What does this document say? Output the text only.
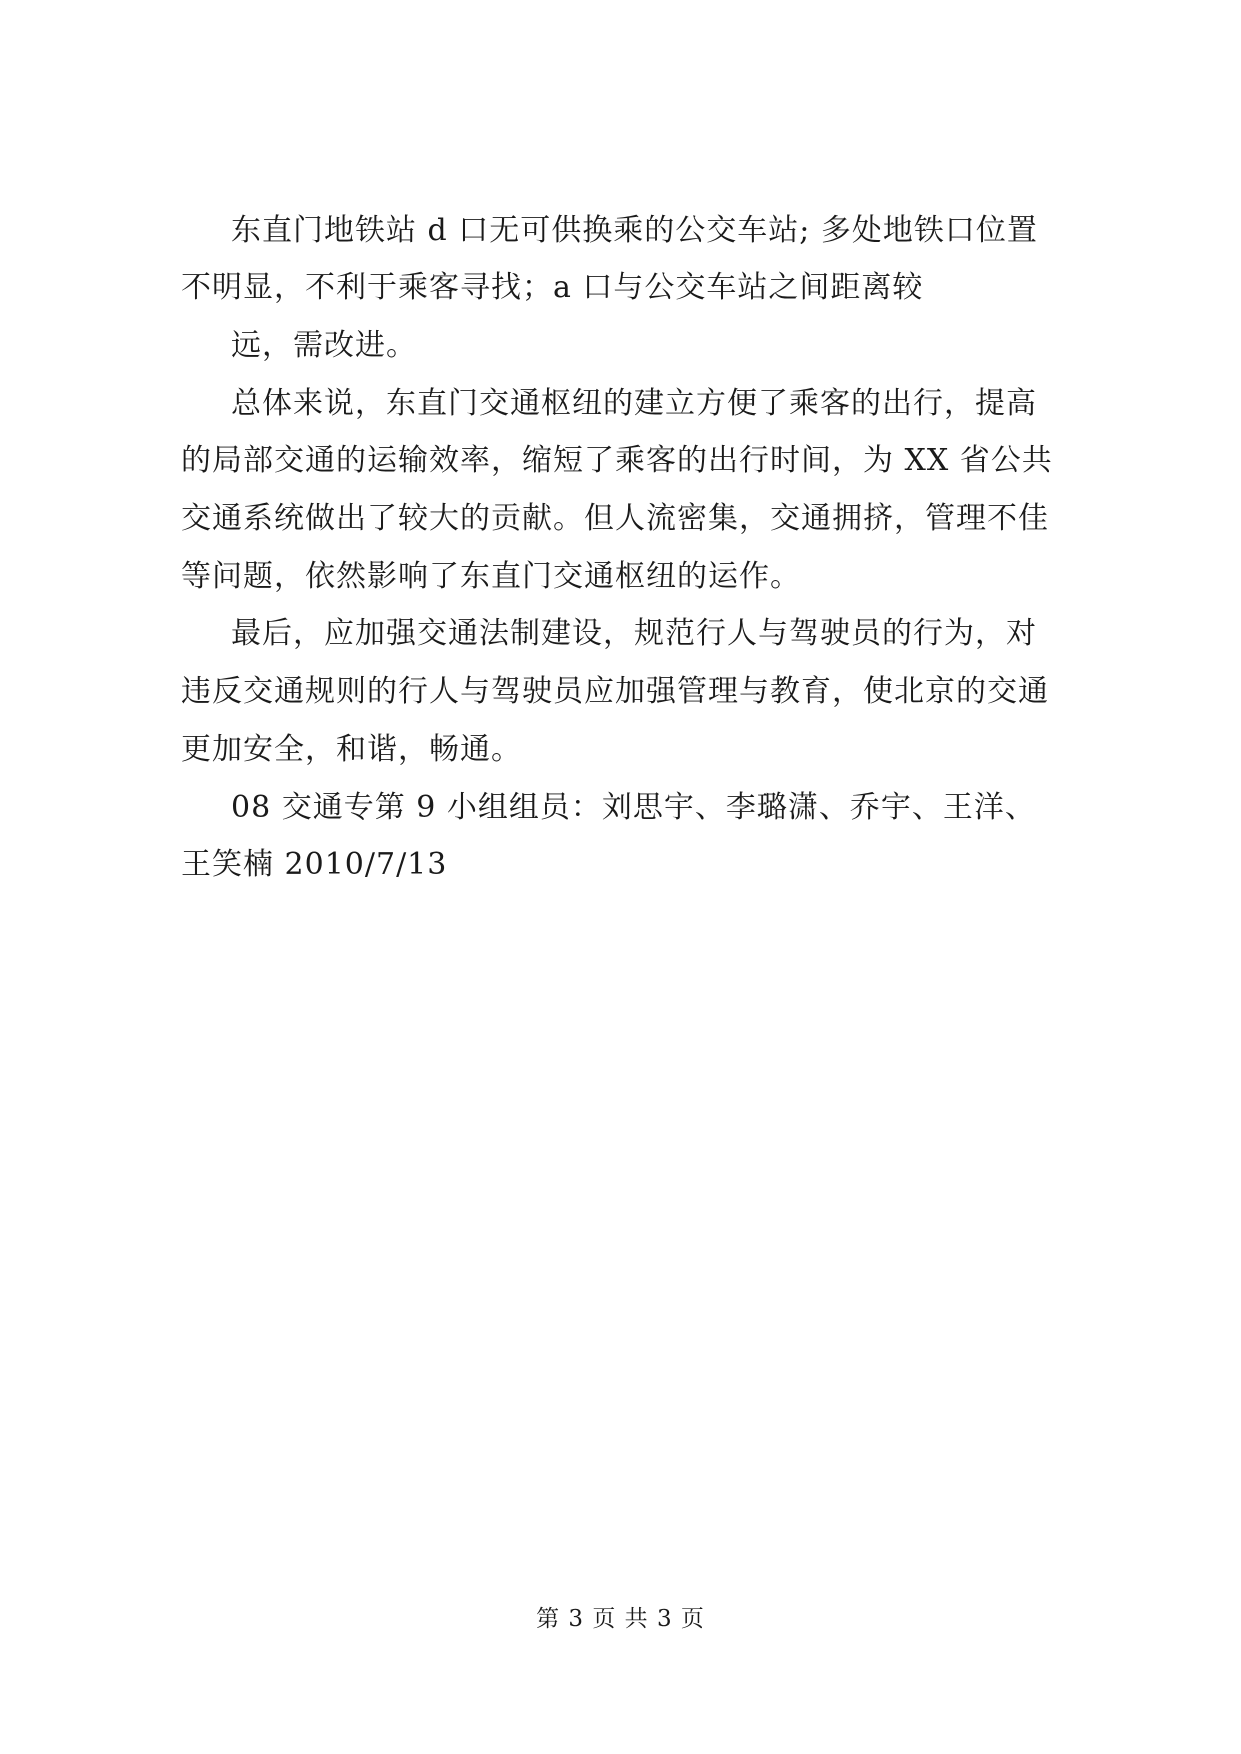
东直门地铁站 d 口无可供换乘的公交车站; 多处地铁口位置
不明显，不利于乘客寻找；a 口与公交车站之间距离较
远，需改进。
总体来说，东直门交通枢纽的建立方便了乘客的出行，提高
的局部交通的运输效率，缩短了乘客的出行时间，为 XX 省公共
交通系统做出了较大的贡献。但人流密集，交通拥挤，管理不佳
等问题，依然影响了东直门交通枢纽的运作。
最后，应加强交通法制建设，规范行人与驾驶员的行为，对
违反交通规则的行人与驾驶员应加强管理与教育，使北京的交通
更加安全，和谐，畅通。
08 交通专第 9 小组组员：刘思宇、李璐潇、乔宇、王洋、
王笑楠 2010/7/13
第 3 页 共 3 页
